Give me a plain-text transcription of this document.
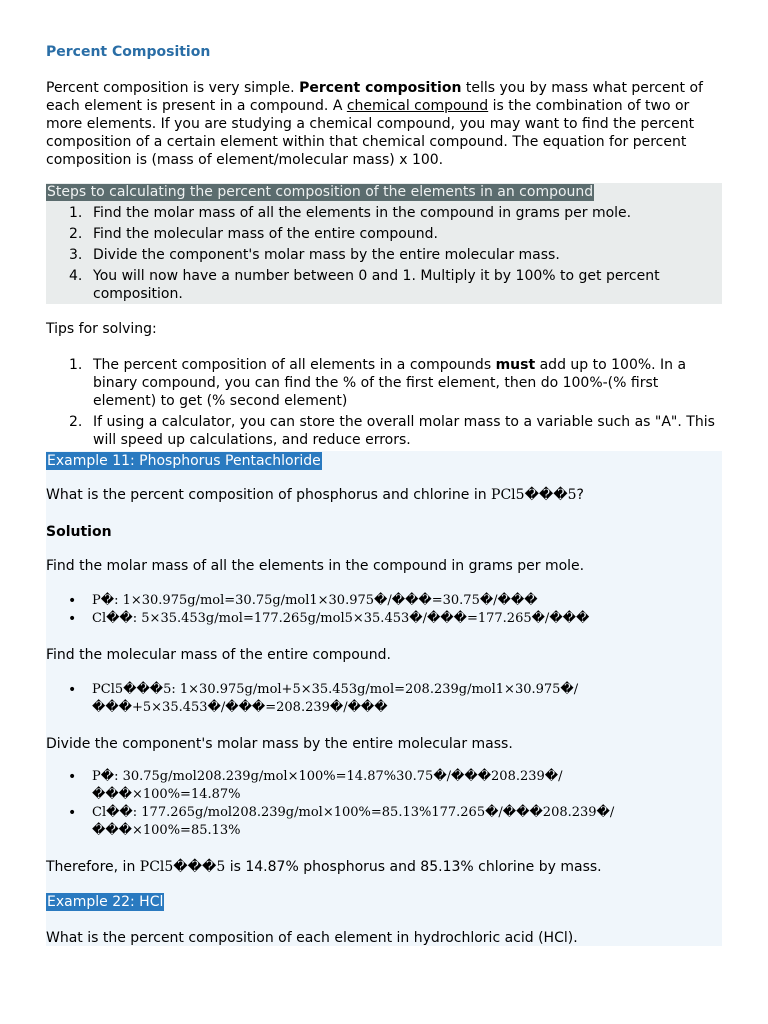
Percent Composition
Percent composition is very simple. Percent composition tells you by mass what percent of each element is present in a compound. A chemical compound is the combination of two or more elements. If you are studying a chemical compound, you may want to find the percent composition of a certain element within that chemical compound. The equation for percent composition is (mass of element/molecular mass) x 100.
Steps to calculating the percent composition of the elements in an compound
1. Find the molar mass of all the elements in the compound in grams per mole.
2. Find the molecular mass of the entire compound.
3. Divide the component's molar mass by the entire molecular mass.
4. You will now have a number between 0 and 1. Multiply it by 100% to get percent composition.
Tips for solving:
1. The percent composition of all elements in a compounds must add up to 100%. In a binary compound, you can find the % of the first element, then do 100%-(% first element) to get (% second element)
2. If using a calculator, you can store the overall molar mass to a variable such as "A". This will speed up calculations, and reduce errors.
Example 11: Phosphorus Pentachloride
What is the percent composition of phosphorus and chlorine in PCl5���5?
Solution
Find the molar mass of all the elements in the compound in grams per mole.
• P�: 1×30.975g/mol=30.75g/mol1×30.975�/���=30.75�/���
• Cl��: 5×35.453g/mol=177.265g/mol5×35.453�/���=177.265�/���
Find the molecular mass of the entire compound.
• PCl5���5: 1×30.975g/mol+5×35.453g/mol=208.239g/mol1×30.975�/���+5×35.453�/���=208.239�/���
Divide the component's molar mass by the entire molecular mass.
• P�: 30.75g/mol208.239g/mol×100%=14.87%30.75�/���208.239�/���×100%=14.87%
• Cl��: 177.265g/mol208.239g/mol×100%=85.13%177.265�/���208.239�/���×100%=85.13%
Therefore, in PCl5���5 is 14.87% phosphorus and 85.13% chlorine by mass.
Example 22: HCl
What is the percent composition of each element in hydrochloric acid (HCl).
